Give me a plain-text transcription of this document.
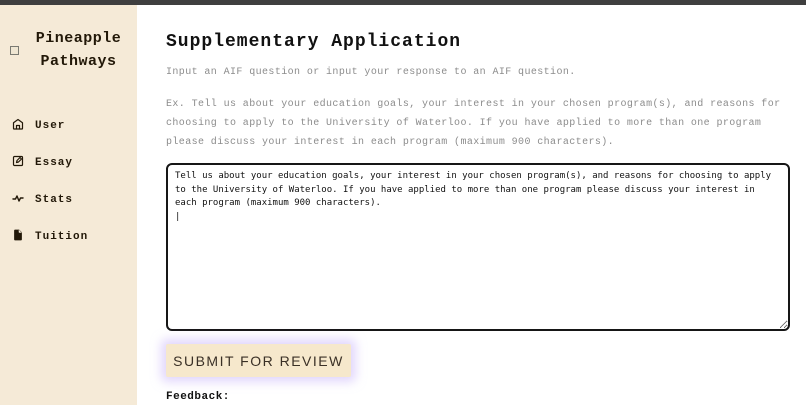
Pineapple
Pathways
User
Essay
Stats
Tuition
Supplementary Application
Input an AIF question or input your response to an AIF question.
Ex. Tell us about your education goals, your interest in your chosen program(s), and reasons for choosing to apply to the University of Waterloo. If you have applied to more than one program please discuss your interest in each program (maximum 900 characters).
Tell us about your education goals, your interest in your chosen program(s), and reasons for choosing to apply to the University of Waterloo. If you have applied to more than one program please discuss your interest in each program (maximum 900 characters). |
SUBMIT FOR REVIEW
Feedback:
